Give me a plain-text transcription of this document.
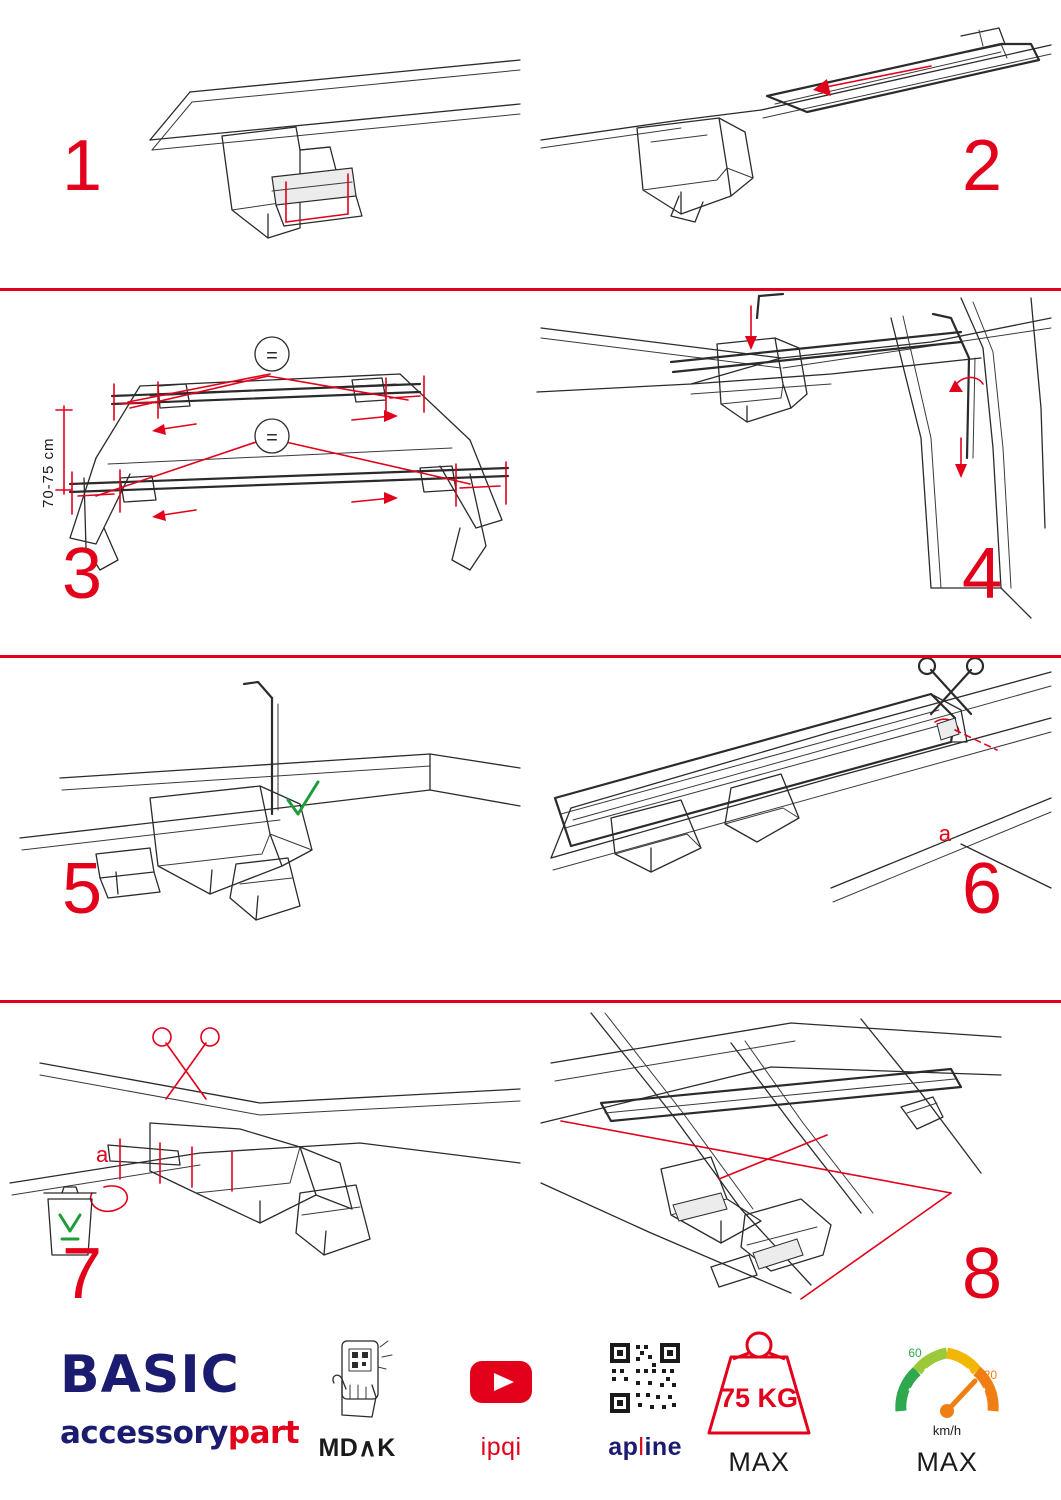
1	2
=
=
70-75 cm
3	4
5
a
6
a
7	8
BASIC
accessorypart MD∧K	ipqi	apline
75 KG
MAX
60
120
km/h
MAX
